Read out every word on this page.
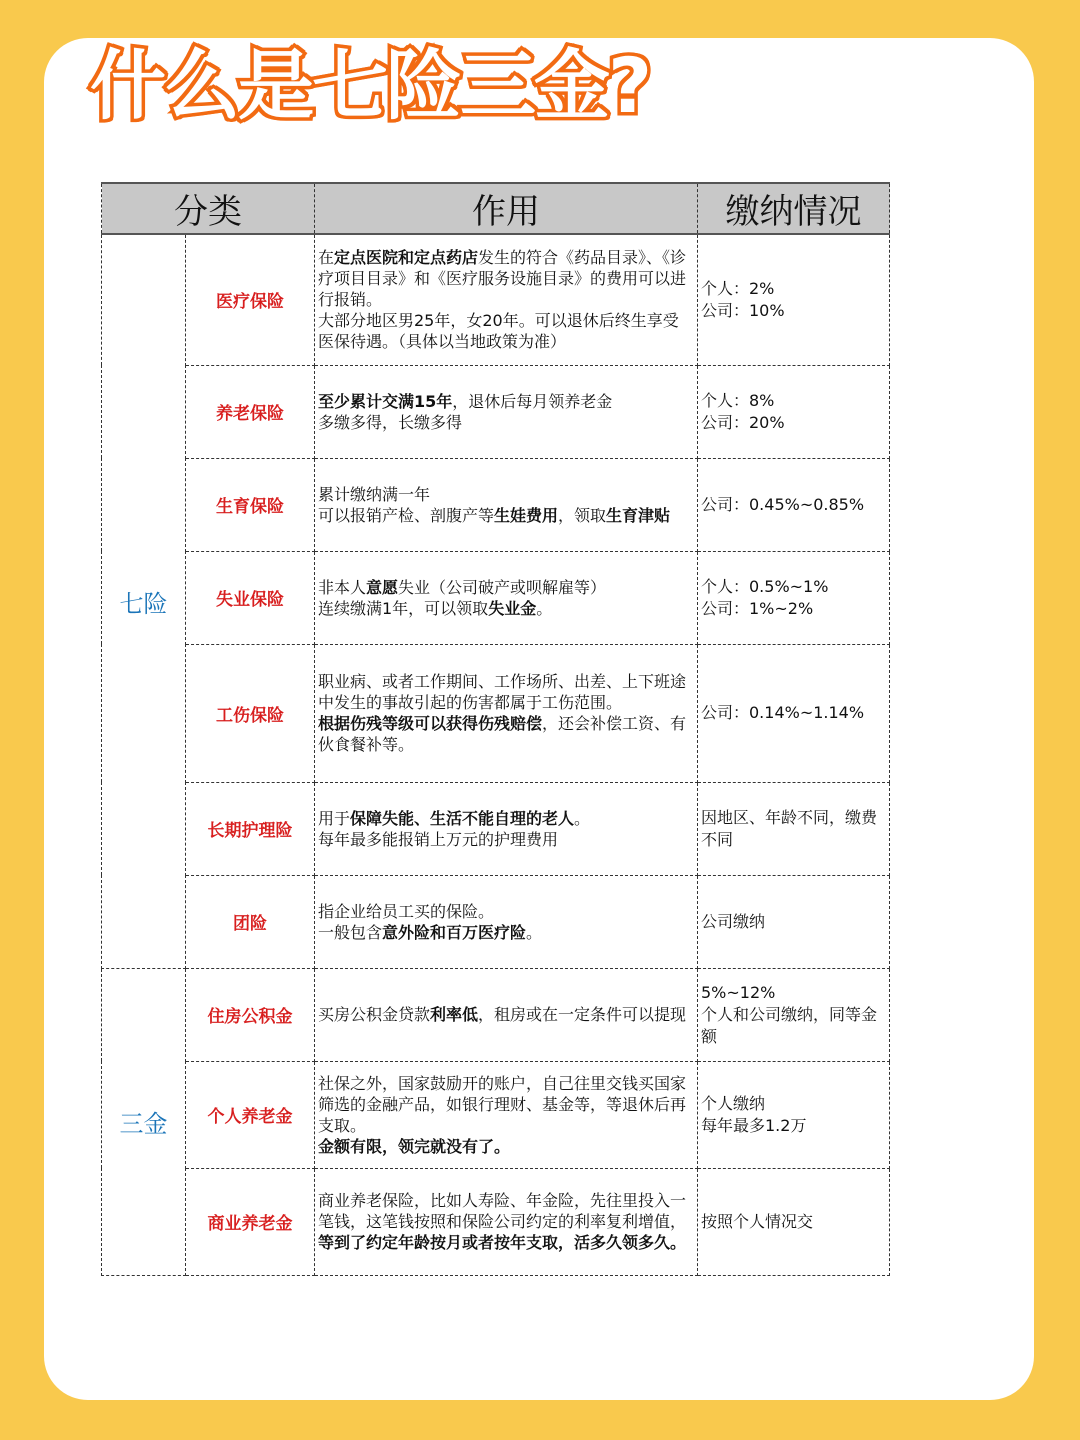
什么是七险三金?
分类		作用	缴纳情况
七险	医疗保险	在定点医院和定点药店发生的符合《药品目录》、《诊疗项目目录》和《医疗服务设施目录》的费用可以进行报销。
大部分地区男25年，女20年。可以退休后终生享受医保待遇。（具体以当地政策为准）	个人：2%
公司：10%

	养老保险	至少累计交满15年，退休后每月领养老金
多缴多得，长缴多得	个人：8%
公司：20%

	生育保险	累计缴纳满一年
可以报销产检、剖腹产等生娃费用，领取生育津贴	公司：0.45%~0.85%

	失业保险	非本人意愿失业（公司破产或呗解雇等）
连续缴满1年，可以领取失业金。	个人：0.5%~1%
公司：1%~2%

	工伤保险	职业病、或者工作期间、工作场所、出差、上下班途中发生的事故引起的伤害都属于工伤范围。
根据伤残等级可以获得伤残赔偿，还会补偿工资、有伙食餐补等。	公司：0.14%~1.14%

	长期护理险	用于保障失能、生活不能自理的老人。
每年最多能报销上万元的护理费用	因地区、年龄不同，缴费不同

	团险	指企业给员工买的保险。
一般包含意外险和百万医疗险。	公司缴纳

三金	住房公积金	买房公积金贷款利率低，租房或在一定条件可以提现	5%~12%
个人和公司缴纳，同等金额

	个人养老金	社保之外，国家鼓励开的账户，自己往里交钱买国家筛选的金融产品，如银行理财、基金等，等退休后再支取。
金额有限，领完就没有了。	个人缴纳
每年最多1.2万

	商业养老金	商业养老保险，比如人寿险、年金险，先往里投入一笔钱，这笔钱按照和保险公司约定的利率复利增值，等到了约定年龄按月或者按年支取，活多久领多久。	按照个人情况交
